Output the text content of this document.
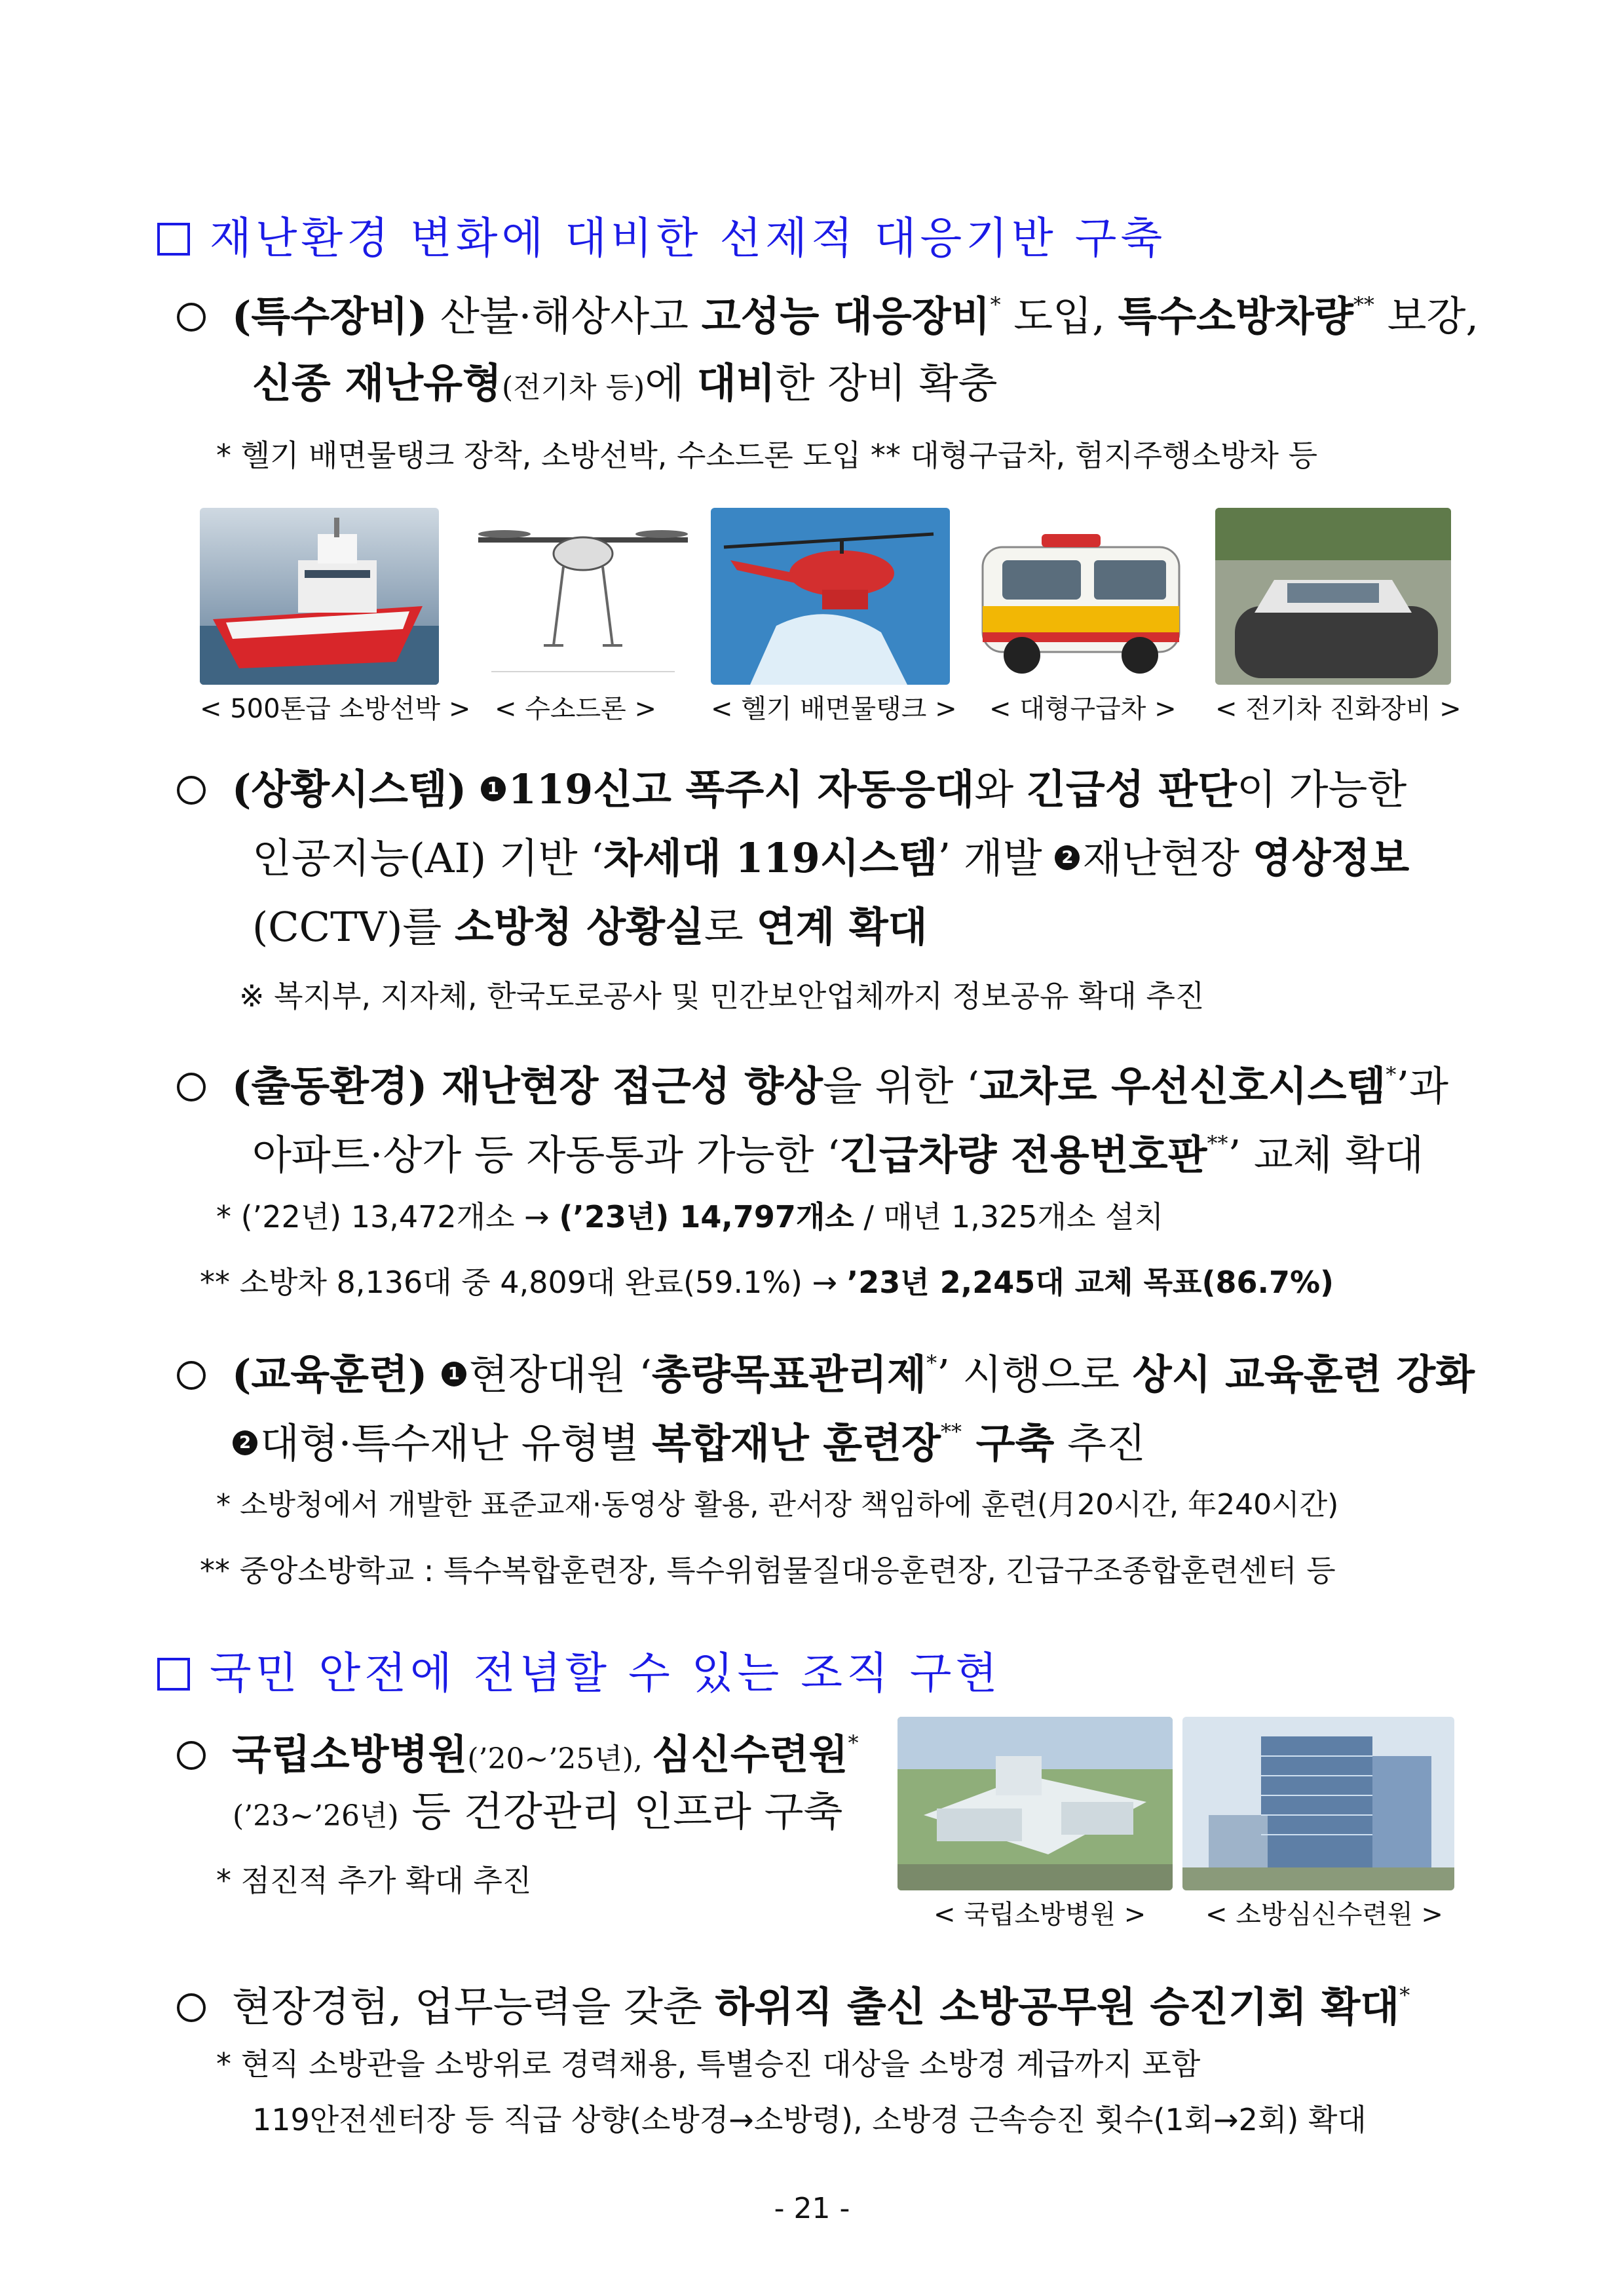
재난환경 변화에 대비한 선제적 대응기반 구축
(특수장비) 산불·해상사고 고성능 대응장비* 도입, 특수소방차량** 보강,
신종 재난유형(전기차 등)에 대비한 장비 확충
* 헬기 배면물탱크 장착, 소방선박, 수소드론 도입 ** 대형구급차, 험지주행소방차 등
< 500톤급 소방선박 > < 수소드론 > < 헬기 배면물탱크 > < 대형구급차 > < 전기차 진화장비 >
(상황시스템) 1 119신고 폭주시 자동응대와 긴급성 판단이 가능한
인공지능(AI) 기반 ‘차세대 119시스템’ 개발 2 재난현장 영상정보
(CCTV)를 소방청 상황실로 연계 확대
※ 복지부, 지자체, 한국도로공사 및 민간보안업체까지 정보공유 확대 추진
(출동환경) 재난현장 접근성 향상을 위한 ‘교차로 우선신호시스템*’과
아파트·상가 등 자동통과 가능한 ‘긴급차량 전용번호판**’ 교체 확대
* (’22년) 13,472개소 → (’23년) 14,797개소 / 매년 1,325개소 설치
** 소방차 8,136대 중 4,809대 완료(59.1%) → ’23년 2,245대 교체 목표(86.7%)
(교육훈련) 1 현장대원 ‘총량목표관리제*’ 시행으로 상시 교육훈련 강화
2 대형·특수재난 유형별 복합재난 훈련장** 구축 추진
* 소방청에서 개발한 표준교재·동영상 활용, 관서장 책임하에 훈련(月20시간, 年240시간)
** 중앙소방학교 : 특수복합훈련장, 특수위험물질대응훈련장, 긴급구조종합훈련센터 등
국민 안전에 전념할 수 있는 조직 구현
국립소방병원(’20~’25년), 심신수련원*
(’23~’26년) 등 건강관리 인프라 구축
* 점진적 추가 확대 추진
< 국립소방병원 > < 소방심신수련원 >
현장경험, 업무능력을 갖춘 하위직 출신 소방공무원 승진기회 확대*
* 현직 소방관을 소방위로 경력채용, 특별승진 대상을 소방경 계급까지 포함
119안전센터장 등 직급 상향(소방경→소방령), 소방경 근속승진 횟수(1회→2회) 확대
- 21 -
